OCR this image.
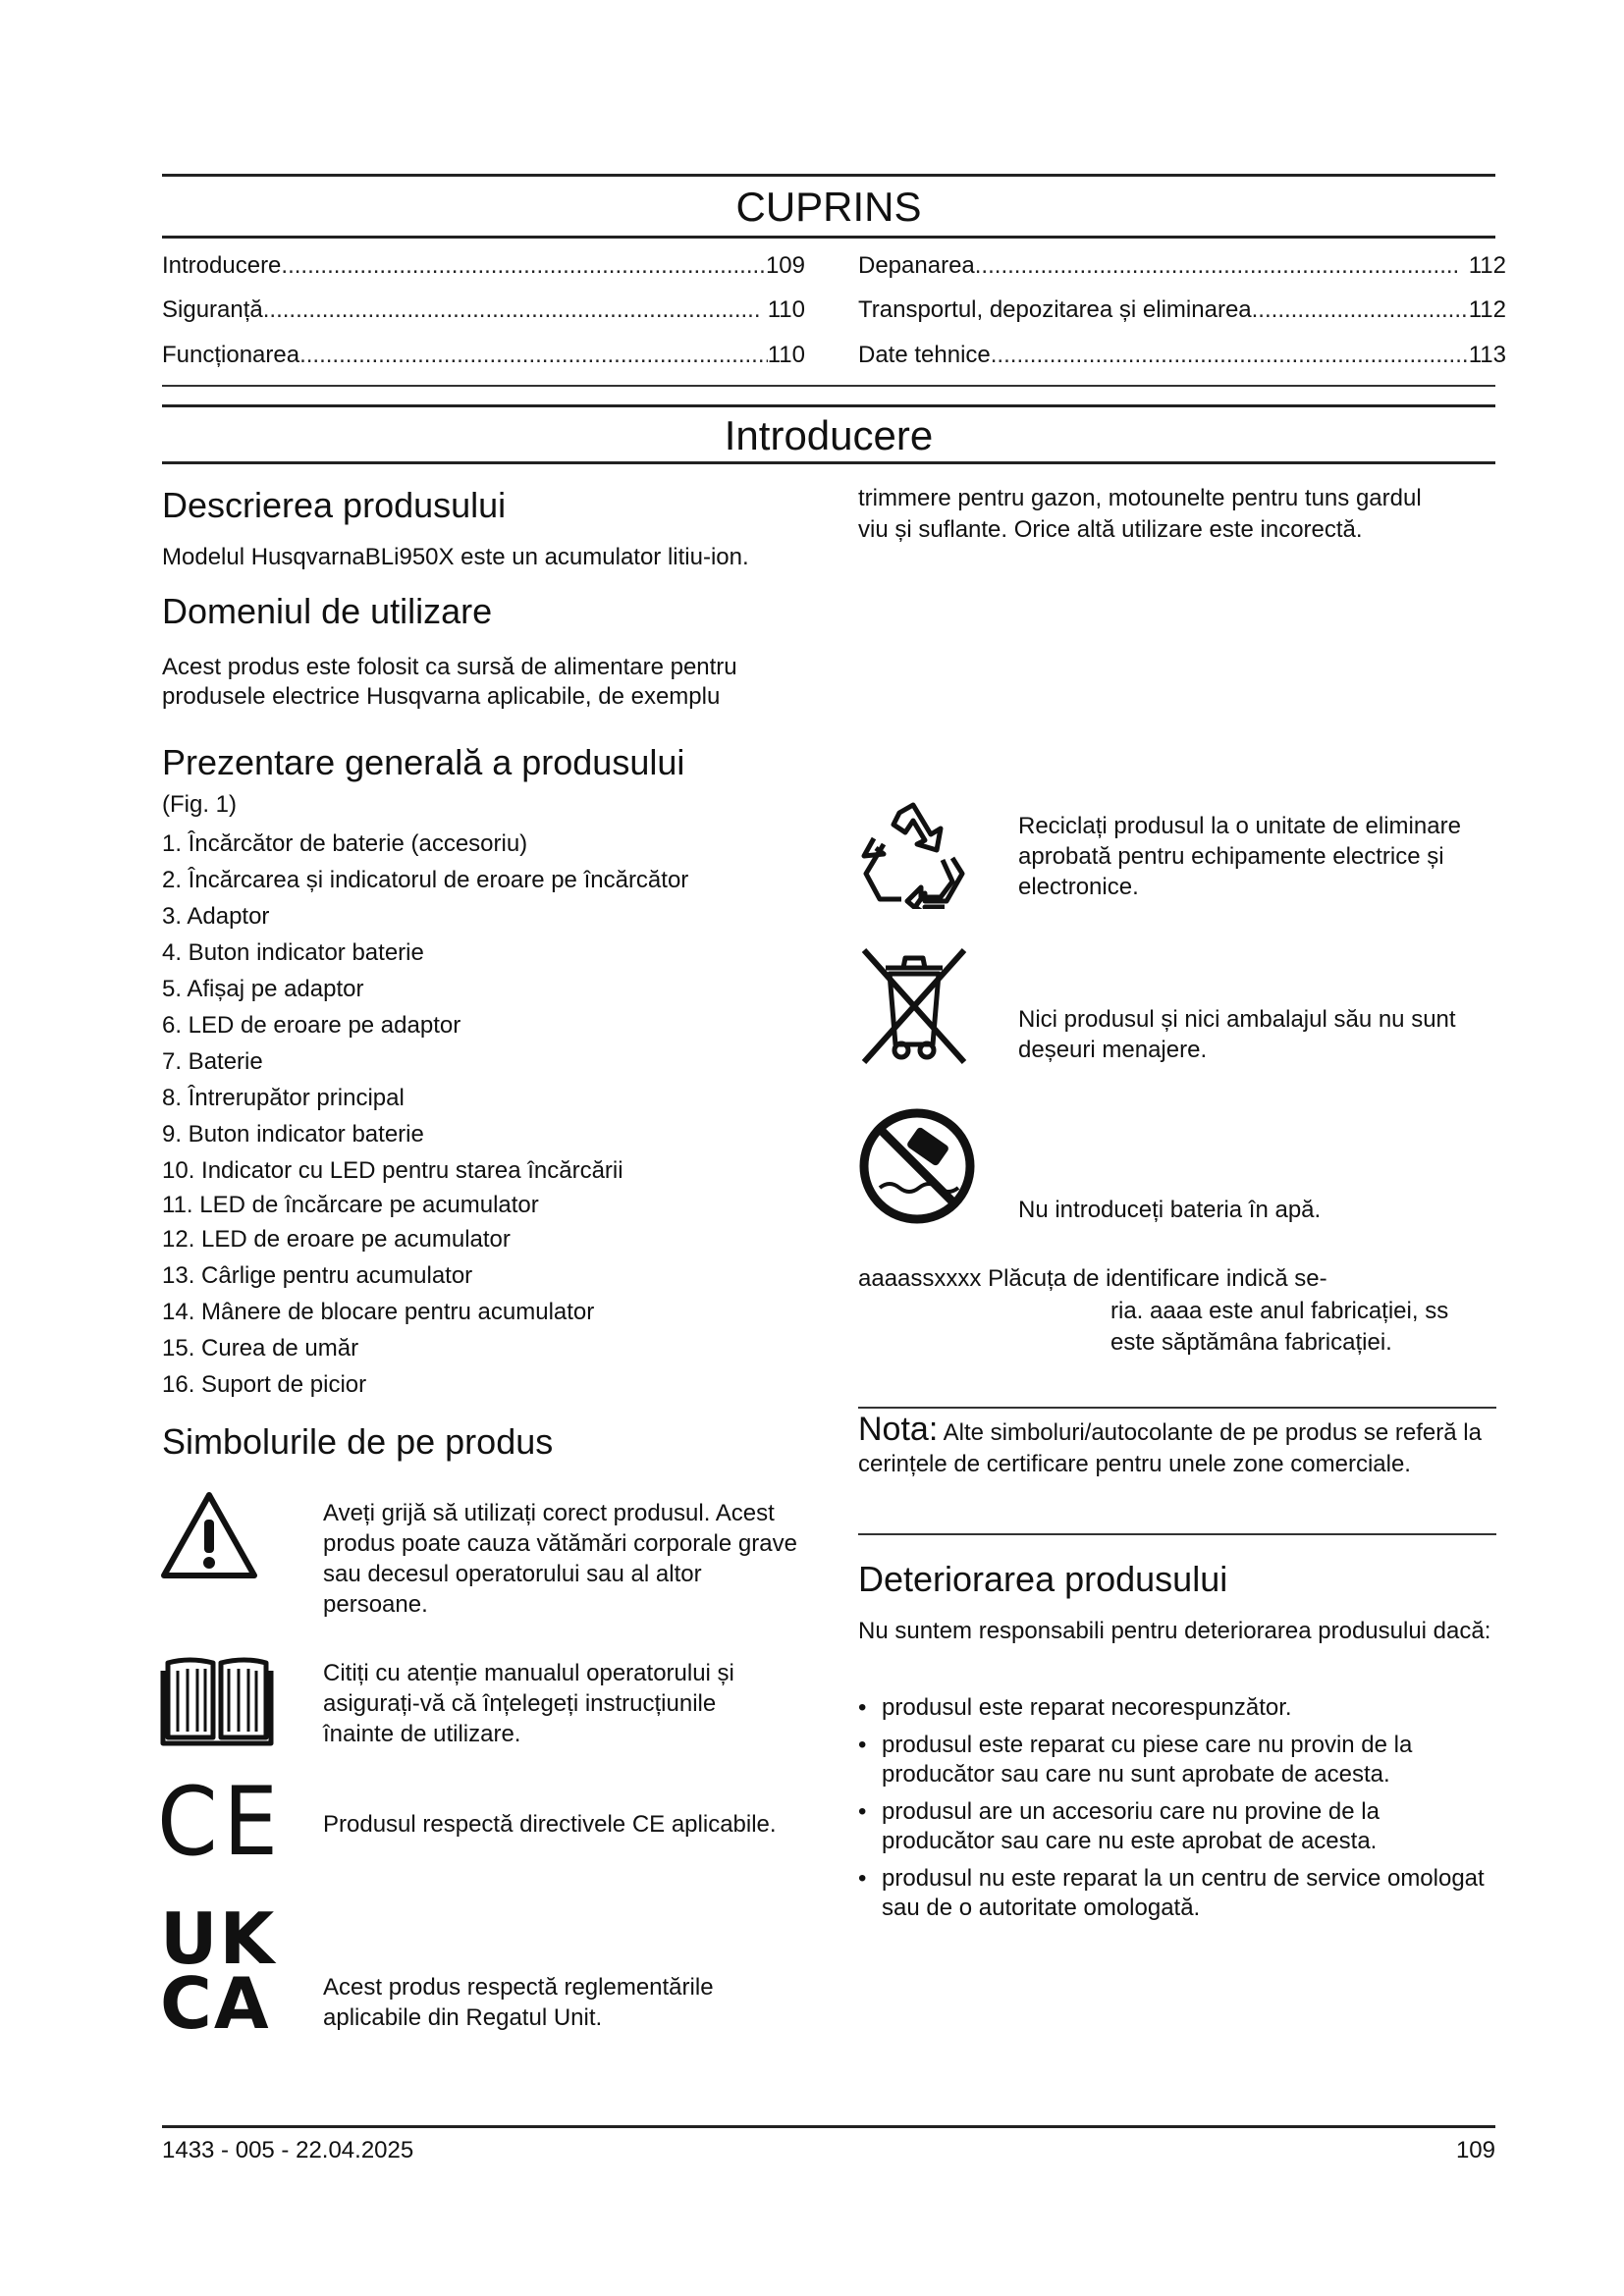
CUPRINS
Introducere .....	109
Siguranță .....	110
Funcționarea .....	110
Depanarea .....	112
Transportul, depozitarea și eliminarea .....	112
Date tehnice .....	113
Introducere
Descrierea produsului
Modelul HusqvarnaBLi950X este un acumulator litiu-ion.
Domeniul de utilizare
Acest produs este folosit ca sursă de alimentare pentru
produsele electrice Husqvarna aplicabile, de exemplu
Prezentare generală a produsului
(Fig. 1)
1. Încărcător de baterie (accesoriu)
2. Încărcarea și indicatorul de eroare pe încărcător
3. Adaptor
4. Buton indicator baterie
5. Afișaj pe adaptor
6. LED de eroare pe adaptor
7. Baterie
8. Întrerupător principal
9. Buton indicator baterie
10. Indicator cu LED pentru starea încărcării
11. LED de încărcare pe acumulator
12. LED de eroare pe acumulator
13. Cârlige pentru acumulator
14. Mânere de blocare pentru acumulator
15. Curea de umăr
16. Suport de picior
Simbolurile de pe produs
Aveți grijă să utilizați corect produsul. Acest produs poate cauza vătămări corporale grave sau decesul operatorului sau al altor persoane.
Citiți cu atenție manualul operatorului și asigurați-vă că înțelegeți instrucțiunile înainte de utilizare.
CE Produsul respectă directivele CE aplicabile.
UK
CA	Acest produs respectă reglementările aplicabile din Regatul Unit.
trimmere pentru gazon, motounelte pentru tuns gardul
viu și suflante. Orice altă utilizare este incorectă.
Reciclați produsul la o unitate de eliminare aprobată pentru echipamente electrice și electronice.
Nici produsul și nici ambalajul său nu sunt deșeuri menajere.
Nu introduceți bateria în apă.
aaaassxxxx Plăcuța de identificare indică se-
ria. aaaa este anul fabricației, ss
este săptămâna fabricației.
Nota: Alte simboluri/autocolante de pe produs se referă la cerințele de certificare pentru unele zone comerciale.
Deteriorarea produsului
Nu suntem responsabili pentru deteriorarea produsului dacă:
• produsul este reparat necorespunzător.
• produsul este reparat cu piese care nu provin de la producător sau care nu sunt aprobate de acesta.
• produsul are un accesoriu care nu provine de la producător sau care nu este aprobat de acesta.
• produsul nu este reparat la un centru de service omologat sau de o autoritate omologată.
1433 - 005 - 22.04.2025	109
